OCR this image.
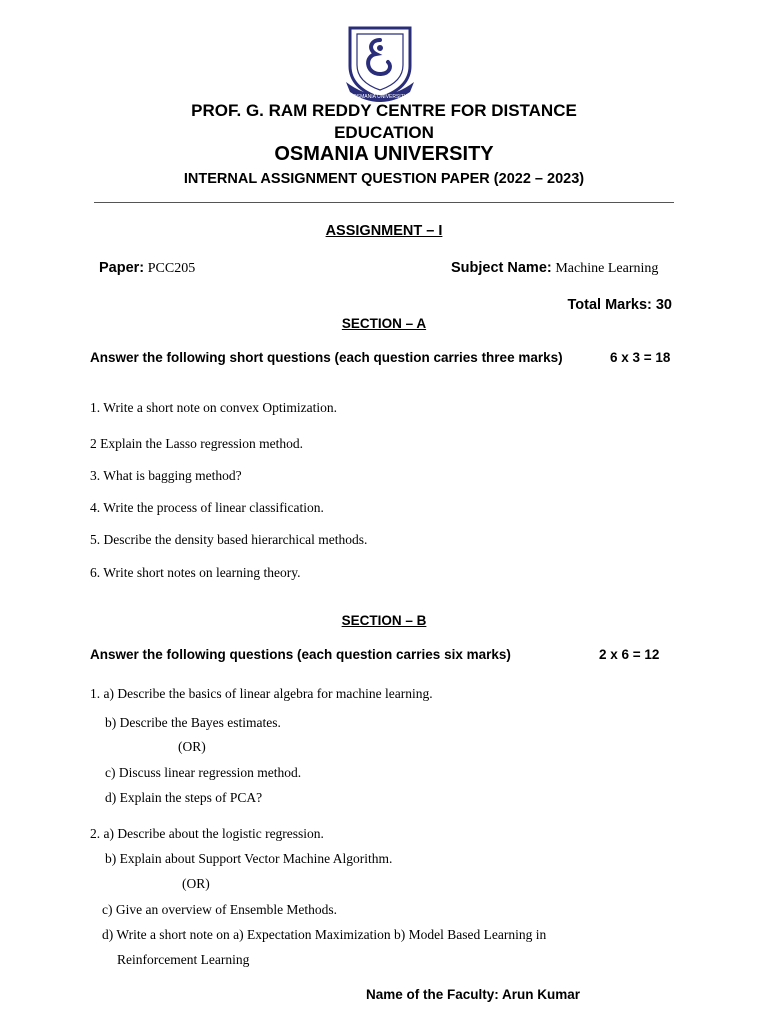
OSMANIA UNIVERSITY
PROF. G. RAM REDDY CENTRE FOR DISTANCE
EDUCATION
OSMANIA UNIVERSITY
INTERNAL ASSIGNMENT QUESTION PAPER (2022 – 2023)
ASSIGNMENT – I
Paper: PCC205	Subject Name: Machine Learning
Total Marks: 30
SECTION – A
Answer the following short questions (each question carries three marks)	6 x 3 = 18
1. Write a short note on convex Optimization.
2 Explain the Lasso regression method.
3. What is bagging method?
4. Write the process of linear classification.
5. Describe the density based hierarchical methods.
6. Write short notes on learning theory.
SECTION – B
Answer the following questions (each question carries six marks)	2 x 6 = 12
1. a) Describe the basics of linear algebra for machine learning.
b) Describe the Bayes estimates.
(OR)
c) Discuss linear regression method.
d) Explain the steps of PCA?
2. a) Describe about the logistic regression.
b) Explain about Support Vector Machine Algorithm.
(OR)
c) Give an overview of Ensemble Methods.
d) Write a short note on a) Expectation Maximization b) Model Based Learning in
Reinforcement Learning
Name of the Faculty: Arun Kumar
